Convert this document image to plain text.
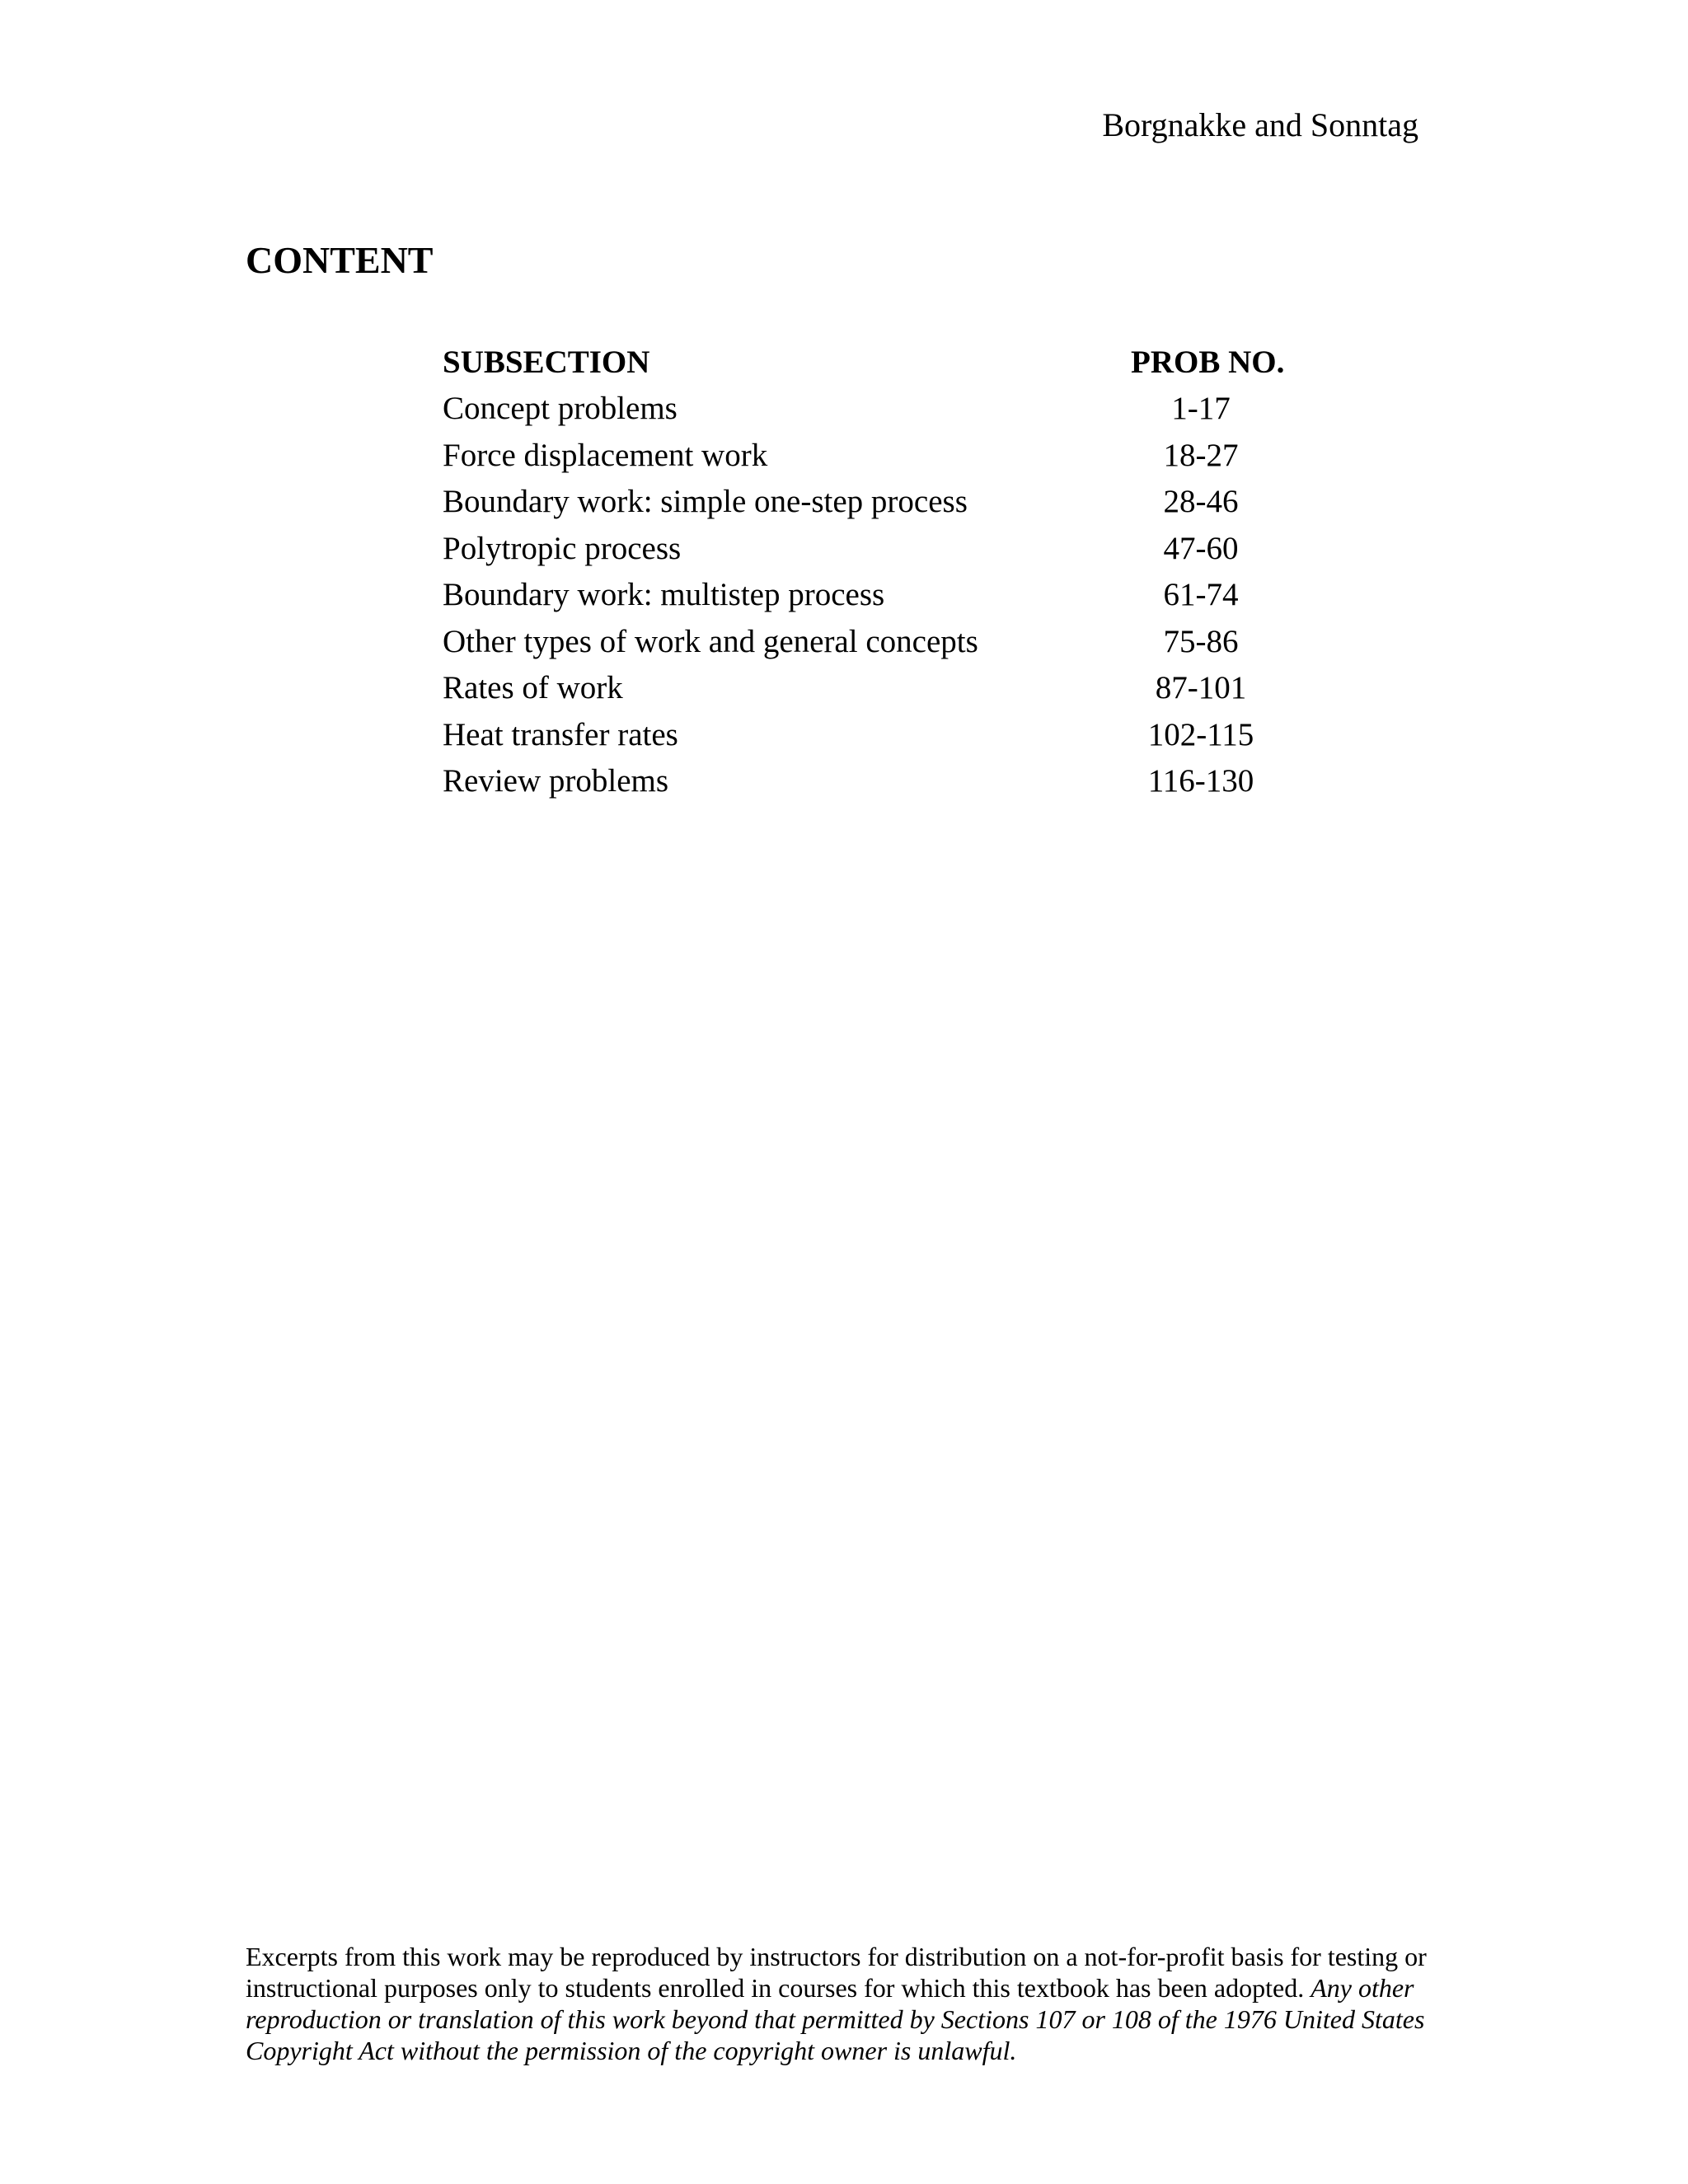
Borgnakke and Sonntag
CONTENT
SUBSECTION	PROB NO.
Concept problems	1-17
Force displacement work	18-27
Boundary work: simple one-step process	28-46
Polytropic process	47-60
Boundary work: multistep process	61-74
Other types of work and general concepts	75-86
Rates of work	87-101
Heat transfer rates	102-115
Review problems	116-130

Excerpts from this work may be reproduced by instructors for distribution on a not-for-profit basis for testing or instructional purposes only to students enrolled in courses for which this textbook has been adopted. Any other reproduction or translation of this work beyond that permitted by Sections 107 or 108 of the 1976 United States Copyright Act without the permission of the copyright owner is unlawful.
